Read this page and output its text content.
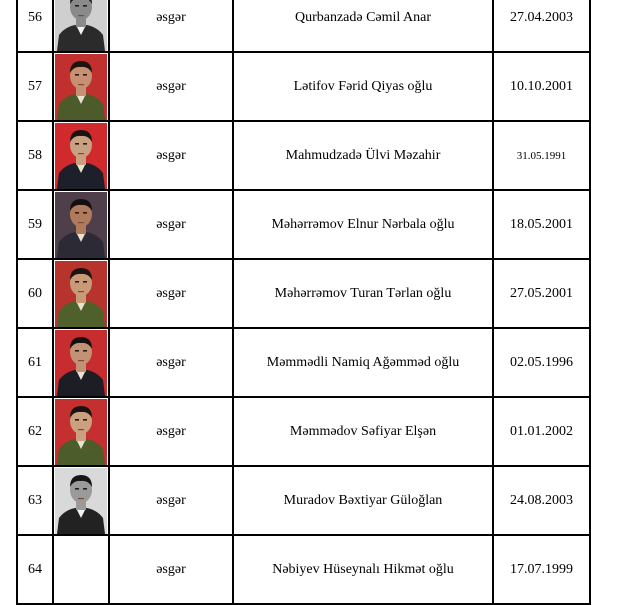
56		əsgər	Qurbanzadə Cəmil Anar	27.04.2003
57		əsgər	Lətifov Fərid Qiyas oğlu	10.10.2001
58		əsgər	Mahmudzadə Ülvi Məzahir	31.05.1991
59		əsgər	Məhərrəmov Elnur Nərbala oğlu	18.05.2001
60		əsgər	Məhərrəmov Turan Tərlan oğlu	27.05.2001
61		əsgər	Məmmədli Namiq Ağəmməd oğlu	02.05.1996
62		əsgər	Məmmədov Səfiyar Elşən	01.01.2002
63		əsgər	Muradov Bəxtiyar Güloğlan	24.08.2003
64		əsgər	Nəbiyev Hüseynalı Hikmət oğlu	17.07.1999
